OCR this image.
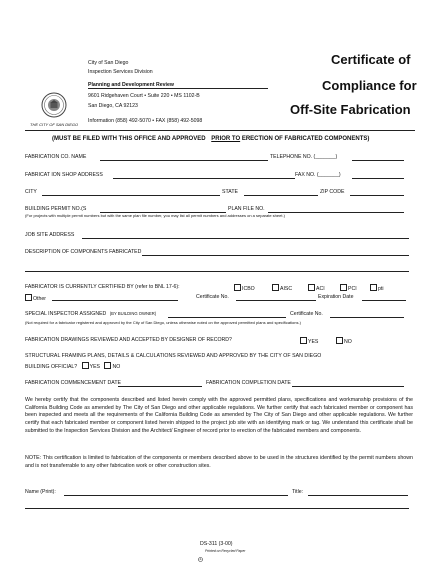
THE CITY OF SAN DIEGO
City of San Diego
Inspection Services Division
Planning and Development Review
9601 Ridgehaven Court • Suite 220 • MS 1102-B
San Diego, CA 92123
Information (858) 492-5070 • FAX (858) 492-5098
Certificate of
Compliance for
Off-Site Fabrication
(MUST BE FILED WITH THIS OFFICE AND APPROVED PRIOR TO ERECTION OF FABRICATED COMPONENTS)
FABRICATION CO. NAME	TELEPHONE NO. (_______)
FABRICAT ION SHOP ADDRESS	FAX NO. (_______)
CITY	STATE	ZIP CODE
BUILDING PERMIT NO.(S	PLAN FILE NO.
(For projects with multiple permit numbers but with the same plan file number, you may list all permit numbers and addresses on a separate sheet.)
JOB SITE ADDRESS
DESCRIPTION OF COMPONENTS FABRICATED
FABRICATOR IS CURRENTLY CERTIFIED BY (refer to BNL 17-6):	ICBO	AISC	ACI	PCI	pti
Other	Certificate No.	Expiration Date
SPECIAL INSPECTOR ASSIGNED (BY BUILDING OWNER)	Certificate No.
(Not required for a fabricator registered and approved by the City of San Diego, unless otherwise noted on the approved permitted plans and specifications.)
FABRICATION DRAWINGS REVIEWED AND ACCEPTED BY DESIGNER OF RECORD?	YES	NO
STRUCTURAL FRAMING PLANS, DETAILS & CALCULATIONS REVIEWED AND APPROVED BY THE CITY OF SAN DIEGO
BUILDING OFFICIAL? YES NO
FABRICATION COMMENCEMENT DATE	FABRICATION COMPLETION DATE
We hereby certify that the components described and listed herein comply with the approved permitted plans, specifications and workmanship provisions of the California Building Code as amended by The City of San Diego and other applicable regulations. We further certify that each fabricated member or component has been inspected and meets all the requirements of the California Building Code as amended by The City of San Diego and other applicable regulations. We further certify that each fabricated member or component listed herein shipped to the project job site with an identifying mark or tag. We understand this certificate shall be submitted to the Inspection Services Division and the Architect/ Engineer of record prior to erection of the fabricated members and components.
NOTE: This certification is limited to fabrication of the components or members described above to be used in the structures identified by the permit numbers shown and is not transferrable to any other fabrication work or other construction sites.
Name (Print):	Title:
DS-311 (3-00)
Printed on Recycled Paper
